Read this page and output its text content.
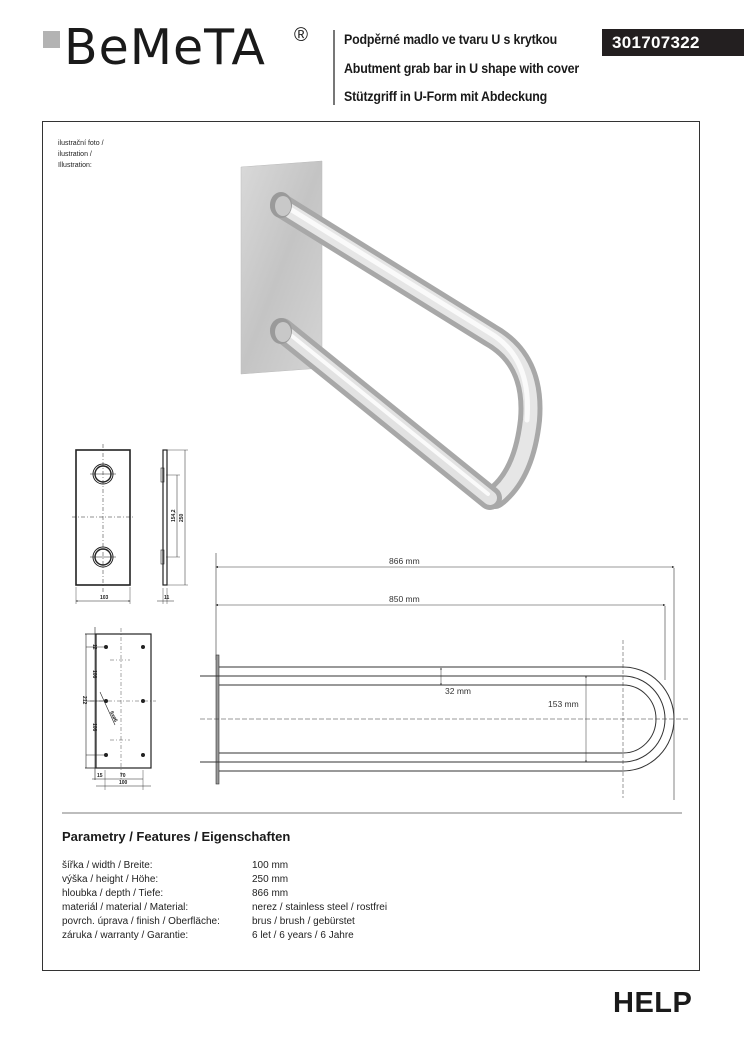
BeMeTA ®	Podpěrné madlo ve tvaru U s krytkou
Abutment grab bar in U shape with cover
Stützgriff in U-Form mit Abdeckung
301707322
ilustrační foto /
ilustration /
Illustration:
103	11
154,2 250
12
106
106
212
6xø6
15	70
100
866 mm
850 mm
32 mm
153 mm
Parametry / Features / Eigenschaften
šířka / width / Breite:	100 mm
výška / height / Höhe:	250 mm
hloubka / depth / Tiefe:	866 mm
materiál / material / Material:	nerez / stainless steel / rostfrei
povrch. úprava / finish / Oberfläche:	brus / brush / gebürstet
záruka / warranty / Garantie:	6 let / 6 years / 6 Jahre
HELP
